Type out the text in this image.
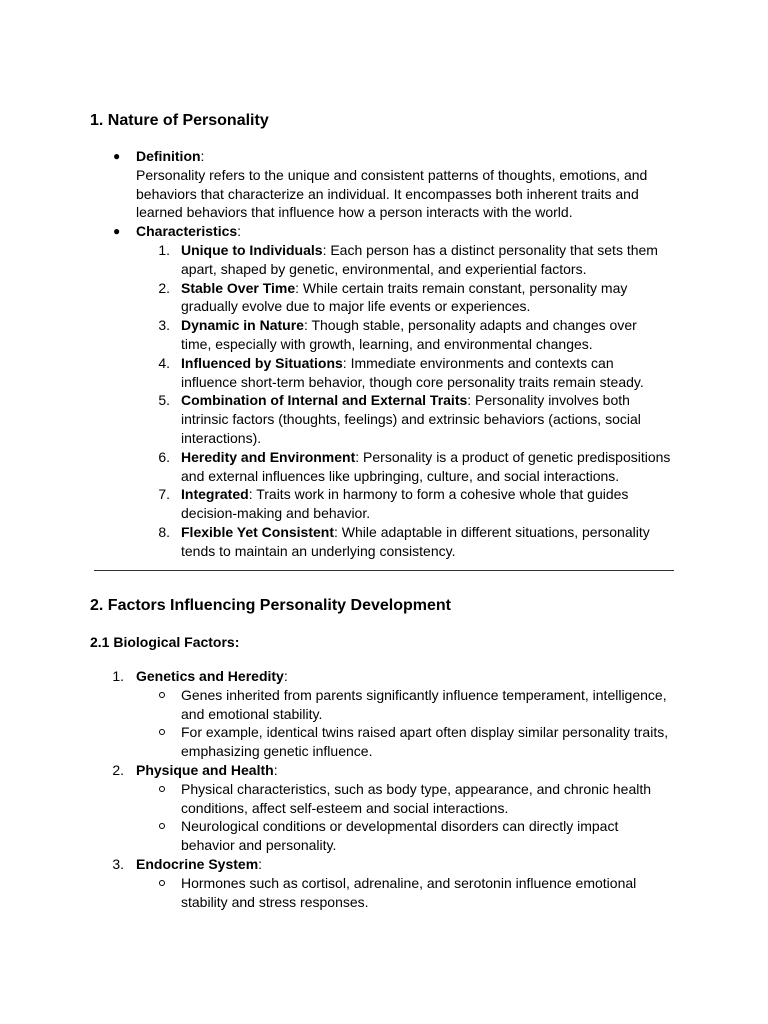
1. Nature of Personality
● Definition:
Personality refers to the unique and consistent patterns of thoughts, emotions, and behaviors that characterize an individual. It encompasses both inherent traits and learned behaviors that influence how a person interacts with the world.
● Characteristics:
1. Unique to Individuals: Each person has a distinct personality that sets them apart, shaped by genetic, environmental, and experiential factors.
2. Stable Over Time: While certain traits remain constant, personality may gradually evolve due to major life events or experiences.
3. Dynamic in Nature: Though stable, personality adapts and changes over time, especially with growth, learning, and environmental changes.
4. Influenced by Situations: Immediate environments and contexts can influence short-term behavior, though core personality traits remain steady.
5. Combination of Internal and External Traits: Personality involves both intrinsic factors (thoughts, feelings) and extrinsic behaviors (actions, social interactions).
6. Heredity and Environment: Personality is a product of genetic predispositions and external influences like upbringing, culture, and social interactions.
7. Integrated: Traits work in harmony to form a cohesive whole that guides decision-making and behavior.
8. Flexible Yet Consistent: While adaptable in different situations, personality tends to maintain an underlying consistency.
2. Factors Influencing Personality Development
2.1 Biological Factors:
1. Genetics and Heredity:
Genes inherited from parents significantly influence temperament, intelligence, and emotional stability.
For example, identical twins raised apart often display similar personality traits, emphasizing genetic influence.
2. Physique and Health:
Physical characteristics, such as body type, appearance, and chronic health conditions, affect self-esteem and social interactions.
Neurological conditions or developmental disorders can directly impact behavior and personality.
3. Endocrine System:
Hormones such as cortisol, adrenaline, and serotonin influence emotional stability and stress responses.
